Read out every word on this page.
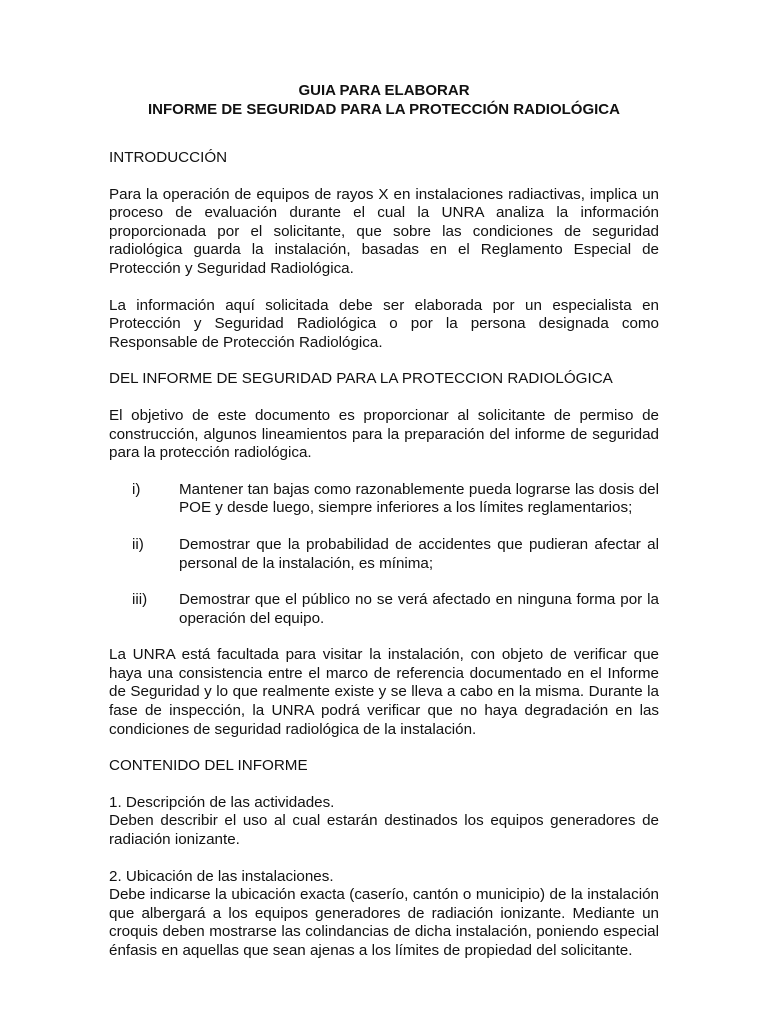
GUIA PARA ELABORAR
INFORME DE SEGURIDAD PARA LA PROTECCIÓN RADIOLÓGICA
INTRODUCCIÓN

Para la operación de equipos de rayos X en instalaciones radiactivas, implica un proceso de evaluación durante el cual la UNRA analiza la información proporcionada por el solicitante, que sobre las condiciones de seguridad radiológica guarda la instalación, basadas en el Reglamento Especial de Protección y Seguridad Radiológica.

La información aquí solicitada debe ser elaborada por un especialista en Protección y Seguridad Radiológica o por la persona designada como Responsable de Protección Radiológica.

DEL INFORME DE SEGURIDAD PARA LA PROTECCION RADIOLÓGICA

El objetivo de este documento es proporcionar al solicitante de permiso de construcción, algunos lineamientos para la preparación del informe de seguridad para la protección radiológica.

i)	Mantener tan bajas como razonablemente pueda lograrse las dosis del POE y desde luego, siempre inferiores a los límites reglamentarios;
ii)	Demostrar que la probabilidad de accidentes que pudieran afectar al personal de la instalación, es mínima;
iii)	Demostrar que el público no se verá afectado en ninguna forma por la operación del equipo.

La UNRA está facultada para visitar la instalación, con objeto de verificar que haya una consistencia entre el marco de referencia documentado en el Informe de Seguridad y lo que realmente existe y se lleva a cabo en la misma. Durante la fase de inspección, la UNRA podrá verificar que no haya degradación en las condiciones de seguridad radiológica de la instalación.

CONTENIDO DEL INFORME
1. Descripción de las actividades.

Deben describir el uso al cual estarán destinados los equipos generadores de radiación ionizante.

2. Ubicación de las instalaciones.

Debe indicarse la ubicación exacta (caserío, cantón o municipio) de la instalación que albergará a los equipos generadores de radiación ionizante. Mediante un croquis deben mostrarse las colindancias de dicha instalación, poniendo especial énfasis en aquellas que sean ajenas a los límites de propiedad del solicitante.
